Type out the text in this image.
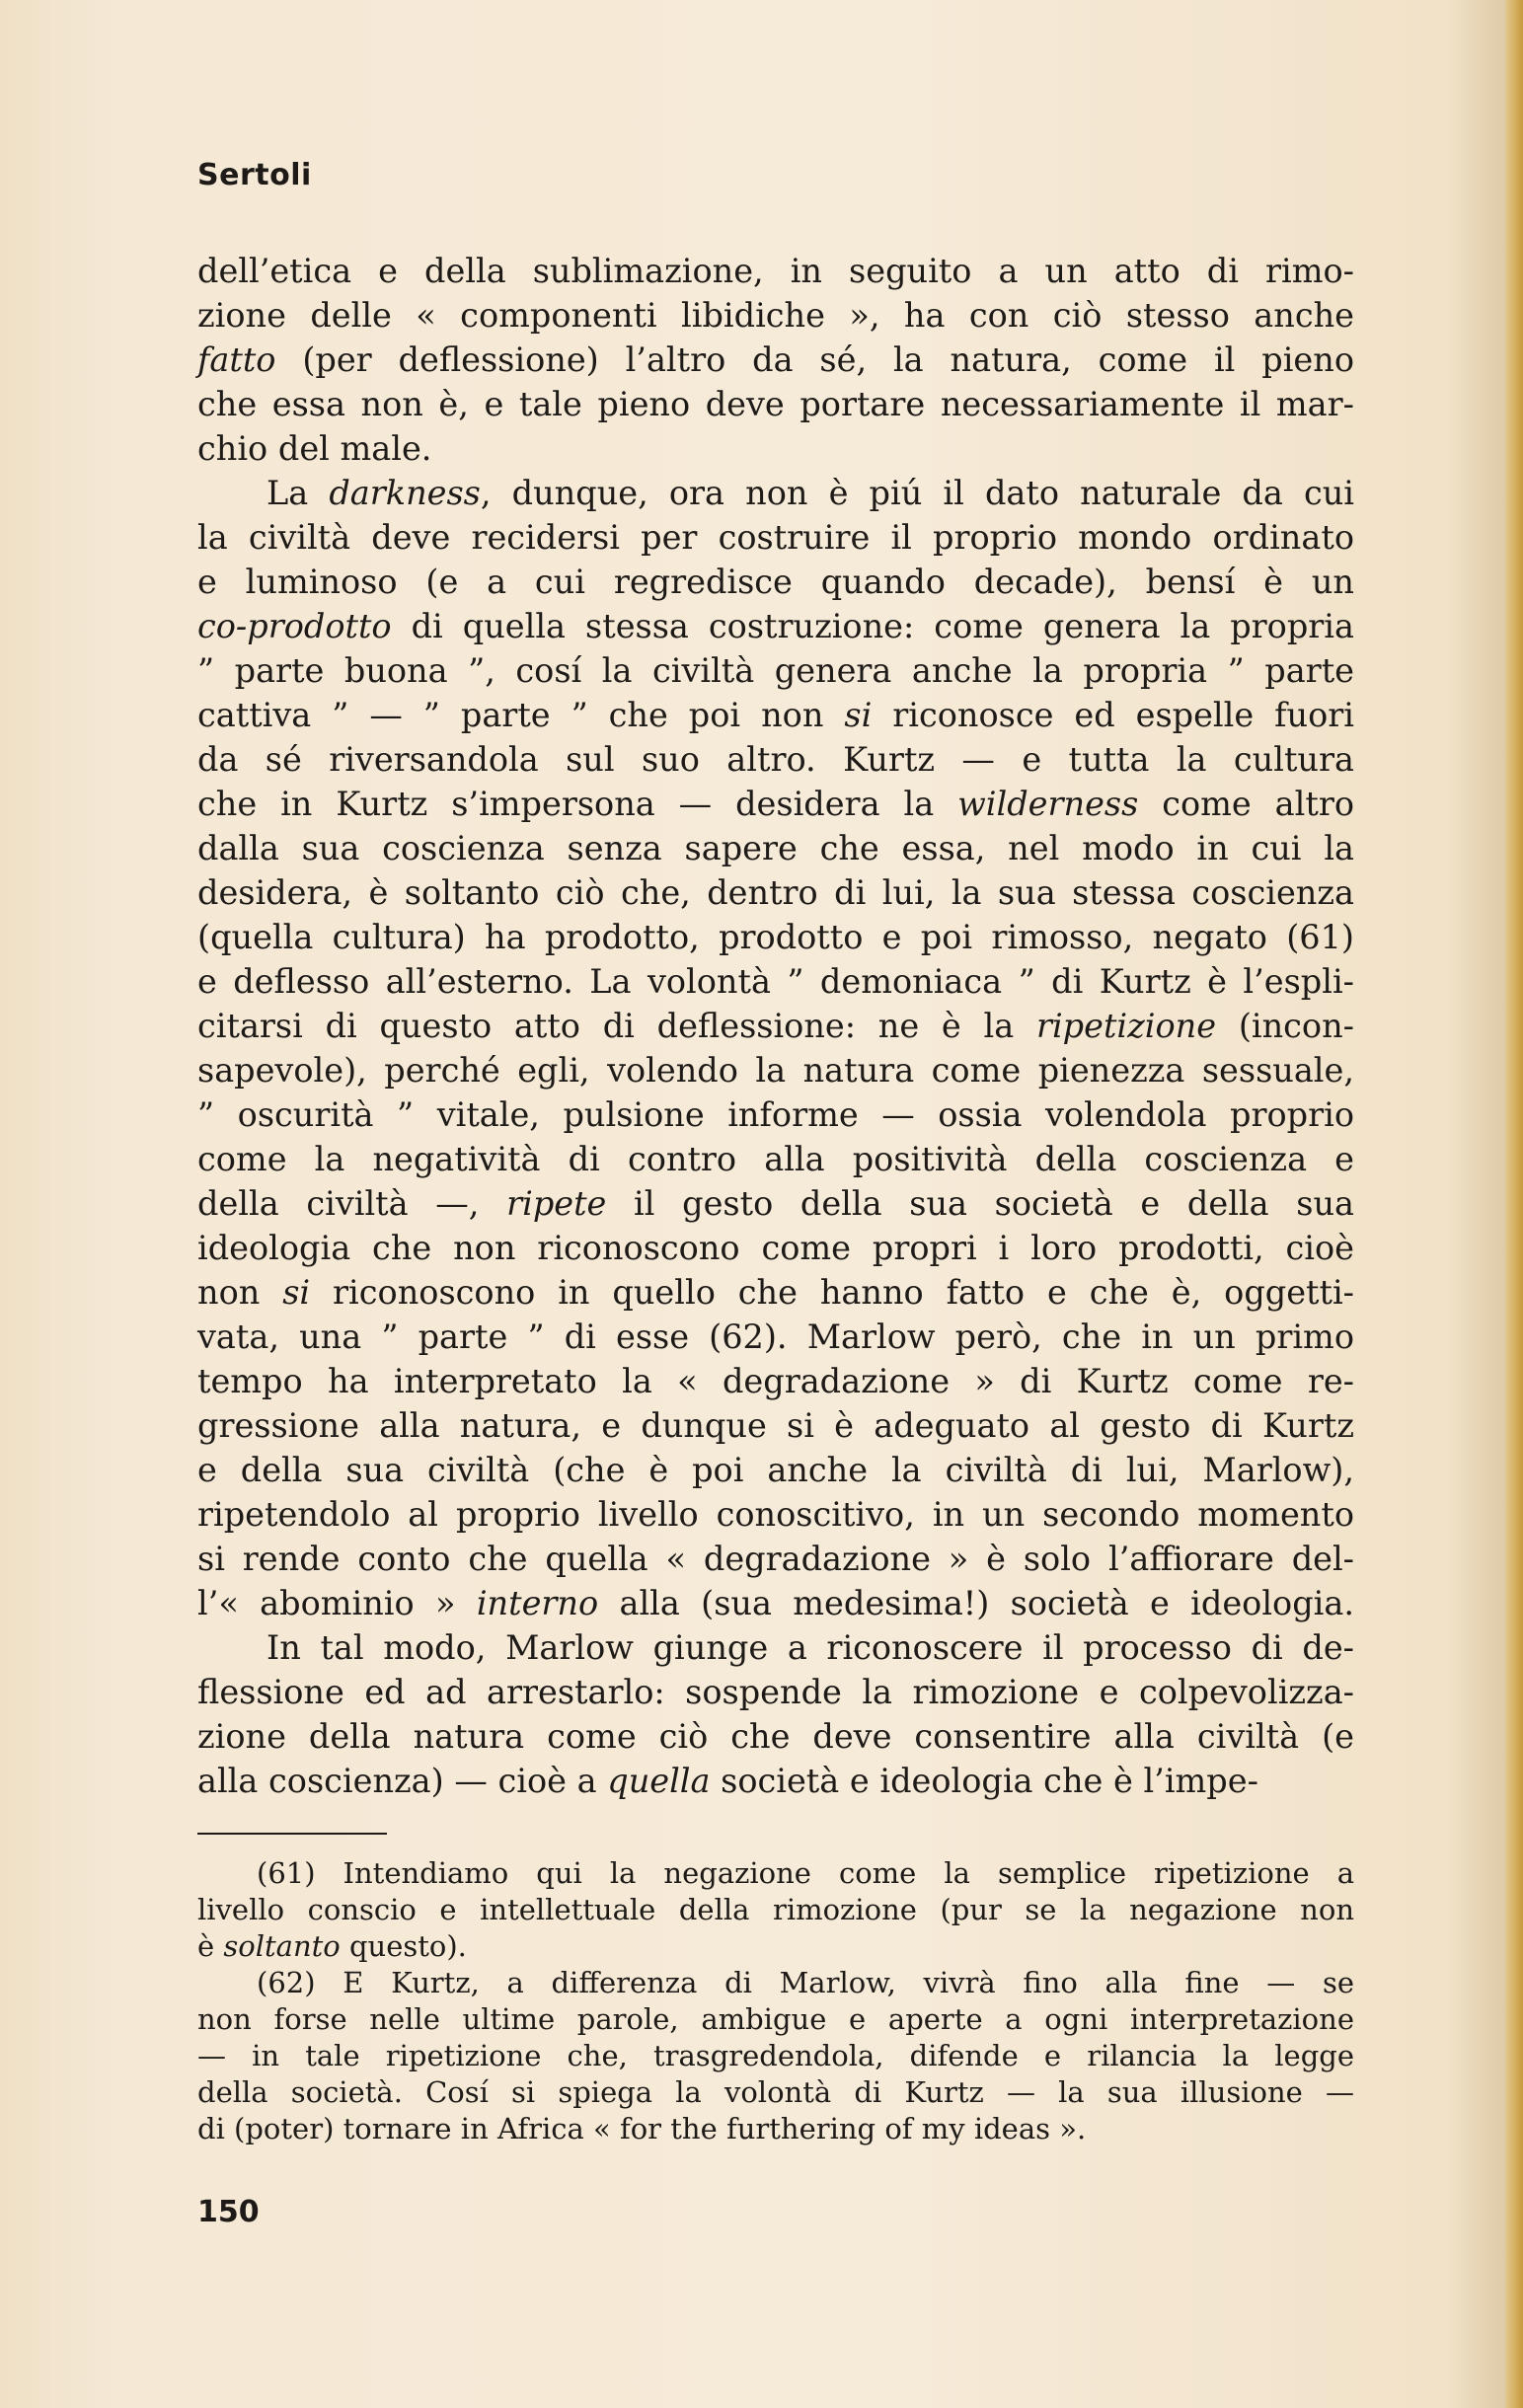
Sertoli
dell’etica e della sublimazione, in seguito a un atto di rimo-
zione delle « componenti libidiche », ha con ciò stesso anche
fatto (per deflessione) l’altro da sé, la natura, come il pieno
che essa non è, e tale pieno deve portare necessariamente il mar-
chio del male.
La darkness, dunque, ora non è piú il dato naturale da cui
la civiltà deve recidersi per costruire il proprio mondo ordinato
e luminoso (e a cui regredisce quando decade), bensí è un
co-prodotto di quella stessa costruzione: come genera la propria
” parte buona ”, cosí la civiltà genera anche la propria ” parte
cattiva ” — ” parte ” che poi non si riconosce ed espelle fuori
da sé riversandola sul suo altro. Kurtz — e tutta la cultura
che in Kurtz s’impersona — desidera la wilderness come altro
dalla sua coscienza senza sapere che essa, nel modo in cui la
desidera, è soltanto ciò che, dentro di lui, la sua stessa coscienza
(quella cultura) ha prodotto, prodotto e poi rimosso, negato (61)
e deflesso all’esterno. La volontà ” demoniaca ” di Kurtz è l’espli-
citarsi di questo atto di deflessione: ne è la ripetizione (incon-
sapevole), perché egli, volendo la natura come pienezza sessuale,
” oscurità ” vitale, pulsione informe — ossia volendola proprio
come la negatività di contro alla positività della coscienza e
della civiltà —, ripete il gesto della sua società e della sua
ideologia che non riconoscono come propri i loro prodotti, cioè
non si riconoscono in quello che hanno fatto e che è, oggetti-
vata, una ” parte ” di esse (62). Marlow però, che in un primo
tempo ha interpretato la « degradazione » di Kurtz come re-
gressione alla natura, e dunque si è adeguato al gesto di Kurtz
e della sua civiltà (che è poi anche la civiltà di lui, Marlow),
ripetendolo al proprio livello conoscitivo, in un secondo momento
si rende conto che quella « degradazione » è solo l’affiorare del-
l’« abominio » interno alla (sua medesima!) società e ideologia.
In tal modo, Marlow giunge a riconoscere il processo di de-
flessione ed ad arrestarlo: sospende la rimozione e colpevolizza-
zione della natura come ciò che deve consentire alla civiltà (e
alla coscienza) — cioè a quella società e ideologia che è l’impe-
(61) Intendiamo qui la negazione come la semplice ripetizione a
livello conscio e intellettuale della rimozione (pur se la negazione non
è soltanto questo).
(62) E Kurtz, a differenza di Marlow, vivrà fino alla fine — se
non forse nelle ultime parole, ambigue e aperte a ogni interpretazione
— in tale ripetizione che, trasgredendola, difende e rilancia la legge
della società. Cosí si spiega la volontà di Kurtz — la sua illusione —
di (poter) tornare in Africa « for the furthering of my ideas ».
150
